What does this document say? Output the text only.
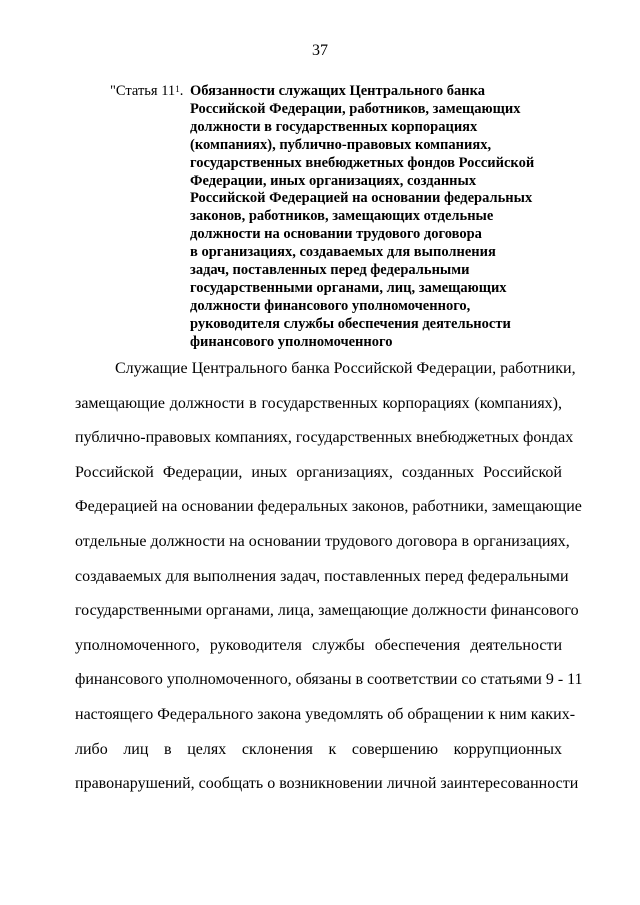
37
"Статья $11^1$. Обязанности служащих Центрального банка
Российской Федерации, работников, замещающих
должности в государственных корпорациях
(компаниях), публично-правовых компаниях,
государственных внебюджетных фондов Российской
Федерации, иных организациях, созданных
Российской Федерацией на основании федеральных
законов, работников, замещающих отдельные
должности на основании трудового договора
в организациях, создаваемых для выполнения
задач, поставленных перед федеральными
государственными органами, лиц, замещающих
должности финансового уполномоченного,
руководителя службы обеспечения деятельности
финансового уполномоченного
Служащие Центрального банка Российской Федерации, работники,
замещающие должности в государственных корпорациях (компаниях),
публично-правовых компаниях, государственных внебюджетных фондах
Российской Федерации, иных организациях, созданных Российской
Федерацией на основании федеральных законов, работники, замещающие
отдельные должности на основании трудового договора в организациях,
создаваемых для выполнения задач, поставленных перед федеральными
государственными органами, лица, замещающие должности финансового
уполномоченного, руководителя службы обеспечения деятельности
финансового уполномоченного, обязаны в соответствии со статьями 9 - 11
настоящего Федерального закона уведомлять об обращении к ним каких-
либо лиц в целях склонения к совершению коррупционных
правонарушений, сообщать о возникновении личной заинтересованности
